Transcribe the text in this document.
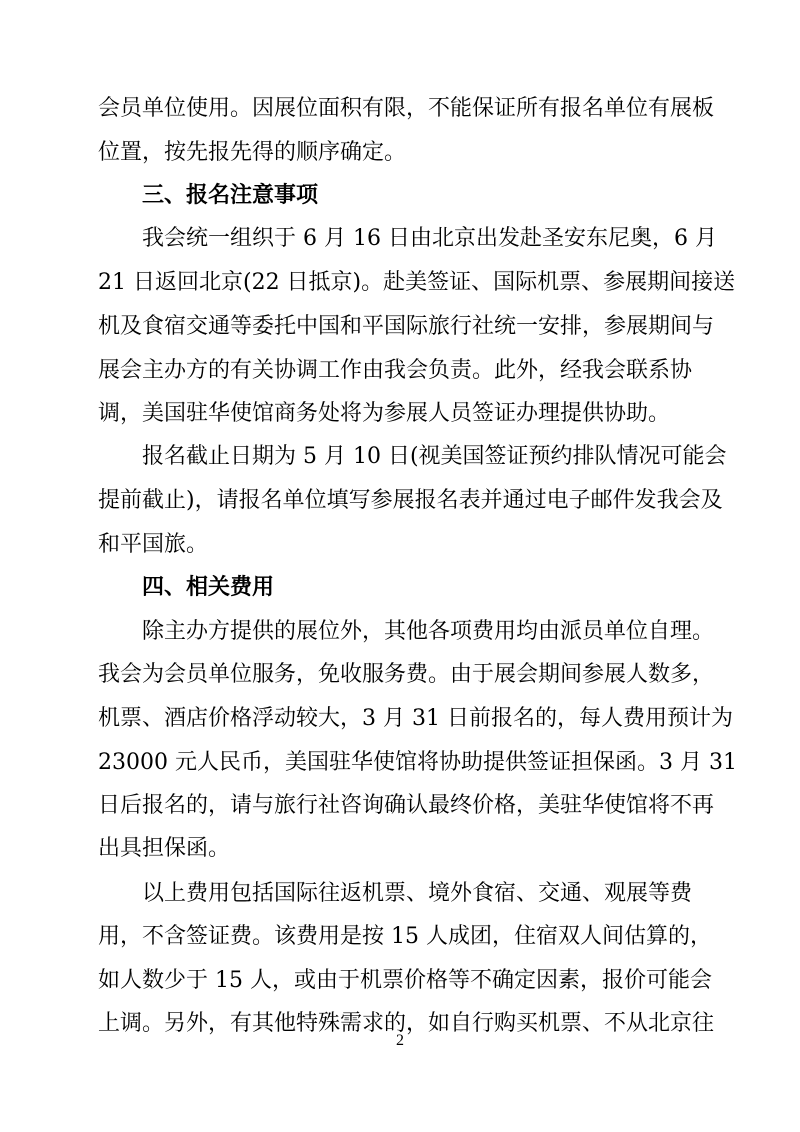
会员单位使用。因展位面积有限，不能保证所有报名单位有展板
位置，按先报先得的顺序确定。
三、报名注意事项
我会统一组织于 6 月 16 日由北京出发赴圣安东尼奥，6 月
21 日返回北京(22 日抵京)。赴美签证、国际机票、参展期间接送
机及食宿交通等委托中国和平国际旅行社统一安排，参展期间与
展会主办方的有关协调工作由我会负责。此外，经我会联系协
调，美国驻华使馆商务处将为参展人员签证办理提供协助。
报名截止日期为 5 月 10 日(视美国签证预约排队情况可能会
提前截止)，请报名单位填写参展报名表并通过电子邮件发我会及
和平国旅。
四、相关费用
除主办方提供的展位外，其他各项费用均由派员单位自理。
我会为会员单位服务，免收服务费。由于展会期间参展人数多，
机票、酒店价格浮动较大，3 月 31 日前报名的，每人费用预计为
23000 元人民币，美国驻华使馆将协助提供签证担保函。3 月 31
日后报名的，请与旅行社咨询确认最终价格，美驻华使馆将不再
出具担保函。
以上费用包括国际往返机票、境外食宿、交通、观展等费
用，不含签证费。该费用是按 15 人成团，住宿双人间估算的，
如人数少于 15 人，或由于机票价格等不确定因素，报价可能会
上调。另外，有其他特殊需求的，如自行购买机票、不从北京往
2
